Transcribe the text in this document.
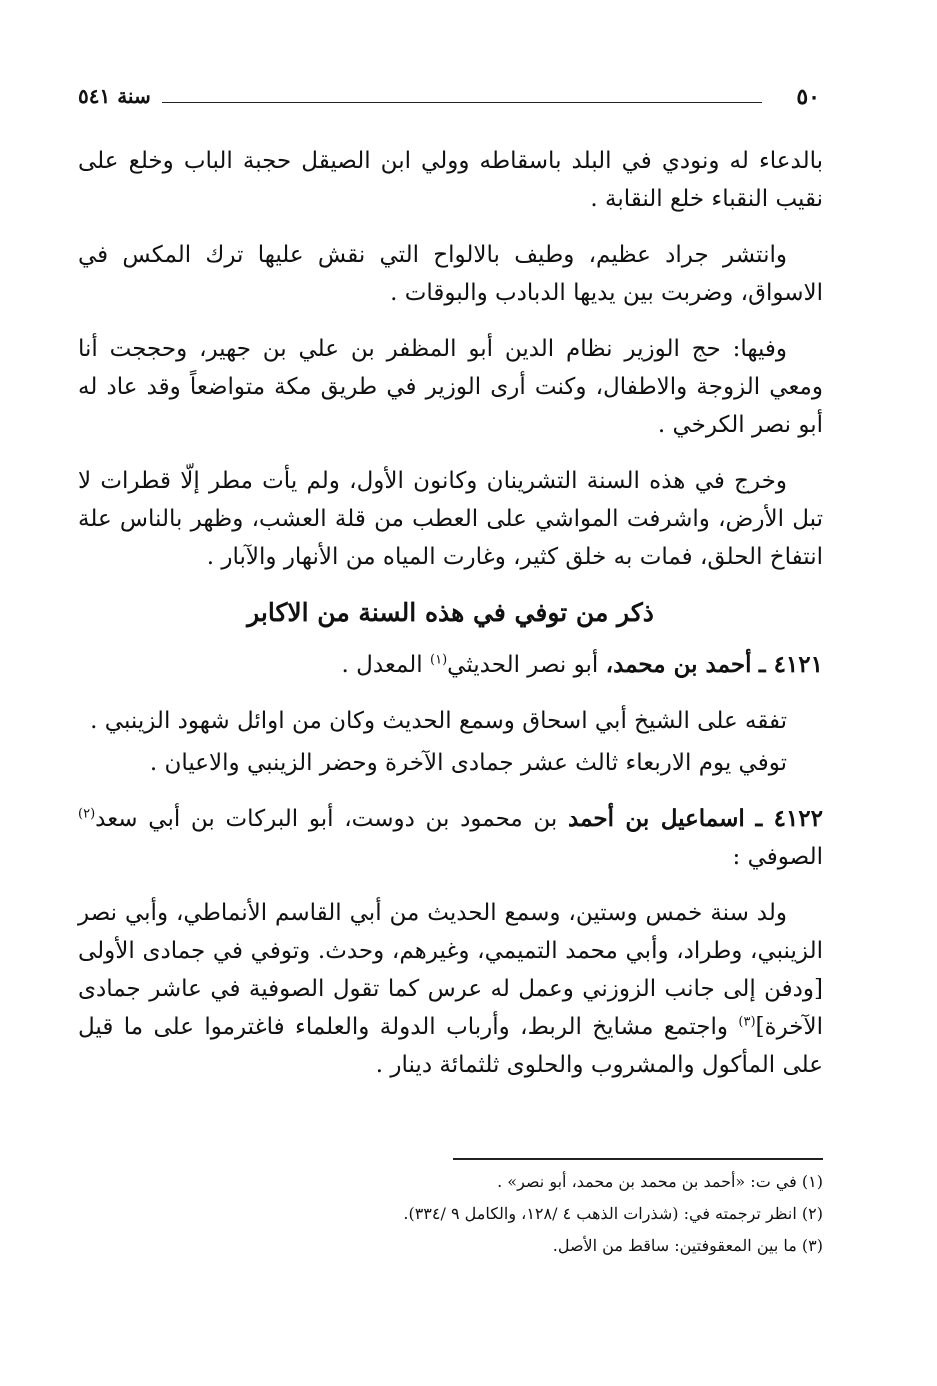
٥٠
سنة ٥٤١

بالدعاء له ونودي في البلد باسقاطه وولي ابن الصيقل حجبة الباب وخلع على نقيب النقباء خلع النقابة .

وانتشر جراد عظيم، وطيف بالالواح التي نقش عليها ترك المكس في الاسواق، وضربت بين يديها الدبادب والبوقات .

وفيها: حج الوزير نظام الدين أبو المظفر بن علي بن جهير، وحججت أنا ومعي الزوجة والاطفال، وكنت أرى الوزير في طريق مكة متواضعاً وقد عاد له أبو نصر الكرخي .

وخرج في هذه السنة التشرينان وكانون الأول، ولم يأت مطر إلّا قطرات لا تبل الأرض، واشرفت المواشي على العطب من قلة العشب، وظهر بالناس علة انتفاخ الحلق، فمات به خلق كثير، وغارت المياه من الأنهار والآبار .

ذكر من توفي في هذه السنة من الاكابر

٤١٢١ ـ أحمد بن محمد، أبو نصر الحديثي$^{(١)}$ المعدل .

تفقه على الشيخ أبي اسحاق وسمع الحديث وكان من اوائل شهود الزينبي .

توفي يوم الاربعاء ثالث عشر جمادى الآخرة وحضر الزينبي والاعيان .

٤١٢٢ ـ اسماعيل بن أحمد بن محمود بن دوست، أبو البركات بن أبي سعد$^{(٢)}$ الصوفي :

ولد سنة خمس وستين، وسمع الحديث من أبي القاسم الأنماطي، وأبي نصر الزينبي، وطراد، وأبي محمد التميمي، وغيرهم، وحدث. وتوفي في جمادى الأولى [ودفن إلى جانب الزوزني وعمل له عرس كما تقول الصوفية في عاشر جمادى الآخرة]$^{(٣)}$ واجتمع مشايخ الربط، وأرباب الدولة والعلماء فاغترموا على ما قيل على المأكول والمشروب والحلوى ثلثمائة دينار .

(١) في ت: «أحمد بن محمد بن محمد، أبو نصر» .

(٢) انظر ترجمته في: (شذرات الذهب ٤ /١٢٨، والكامل ٩ /٣٣٤).

(٣) ما بين المعقوفتين: ساقط من الأصل.
